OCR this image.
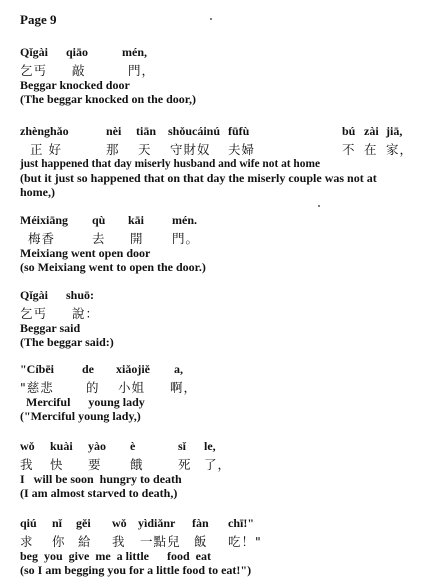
Page 9
Qǐgài qiāo	mén,
乞丐 敲	門，
Beggar knocked door
(The beggar knocked on the door,)
zhènghǎo	nèi tiān shǒucáinú fūfù	bú zài jiā,
正 好	那 天 守財奴 夫婦	不 在 家，
just happened that day miserly husband and wife not at home
(but it just so happened that on that day the miserly couple was not at home,)
Méixiāng qù kāi mén.
梅香	去 開 門。
Meixiang went open door
(so Meixiang went to open the door.)
Qǐgài shuō:
乞丐 說：
Beggar said
(The beggar said:)
"Cíbēi de xiǎojiě a,
"慈悲	的 小姐 啊，
Merciful      young lady
("Merciful young lady,)
wǒ kuài yào è	sǐ le,
我 快 要 餓	死 了，
I   will be soon  hungry to death
(I am almost starved to death,)
qiú nǐ gěi wǒ yìdiǎnr fàn chī!"
求 你 給 我 一點兒 飯 吃！"
beg  you  give  me  a little      food  eat
(so I am begging you for a little food to eat!")
